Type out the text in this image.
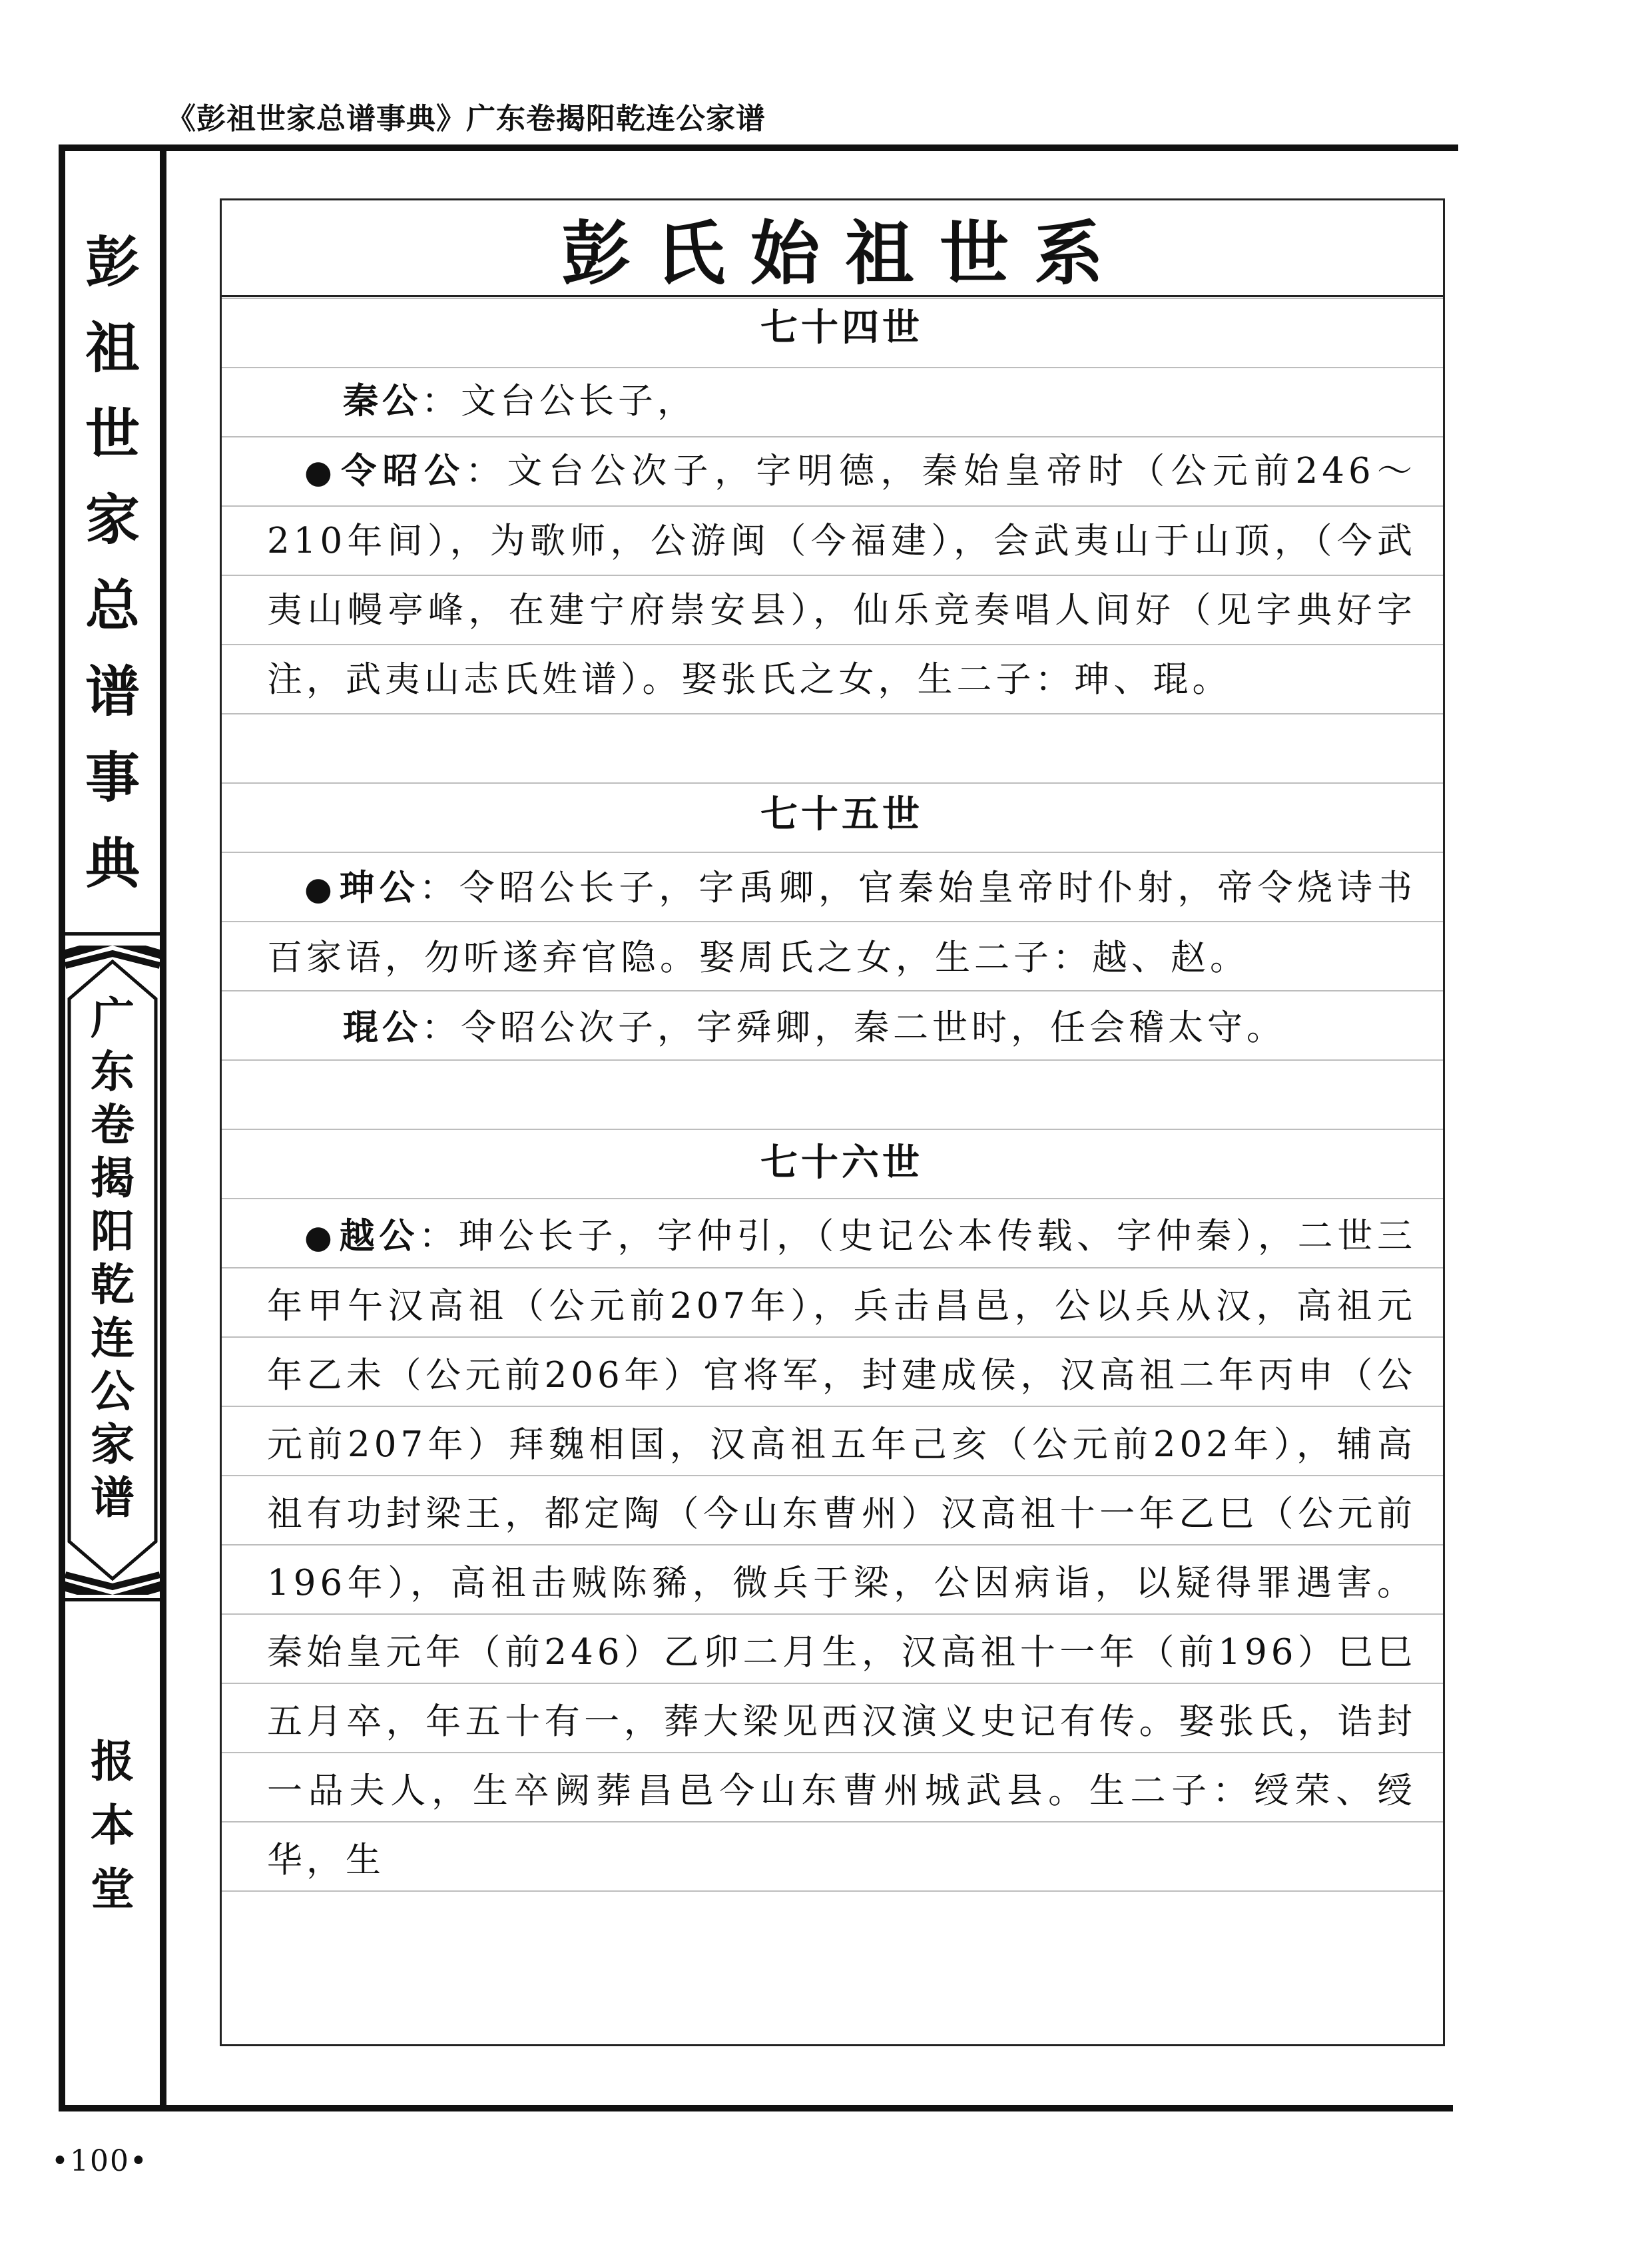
《彭祖世家总谱事典》广东卷揭阳乾连公家谱
彭
祖
世
家
总
谱
事
典
广
东
卷
揭
阳
乾
连
公
家
谱
报
本
堂
彭氏始祖世系
七十四世

秦公：文台公长子，

●令昭公：文台公次子，字明德，秦始皇帝时（公元前246～210年间），为歌师，公游闽（今福建），会武夷山于山顶，（今武夷山幔亭峰，在建宁府崇安县），仙乐竞奏唱人间好（见字典好字注，武夷山志氏姓谱）。娶张氏之女，生二子：珅、琨。

七十五世

●珅公：令昭公长子，字禹卿，官秦始皇帝时仆射，帝令烧诗书百家语，勿听遂弃官隐。娶周氏之女，生二子：越、赵。

琨公：令昭公次子，字舜卿，秦二世时，任会稽太守。

七十六世

●越公：珅公长子，字仲引，（史记公本传载、字仲秦），二世三年甲午汉高祖（公元前207年），兵击昌邑，公以兵从汉，高祖元年乙未（公元前206年）官将军，封建成侯，汉高祖二年丙申（公元前207年）拜魏相国，汉高祖五年己亥（公元前202年），辅高祖有功封梁王，都定陶（今山东曹州）汉高祖十一年乙巳（公元前196年），高祖击贼陈豨，微兵于梁，公因病诣，以疑得罪遇害。秦始皇元年（前246）乙卯二月生，汉高祖十一年（前196）巳巳五月卒，年五十有一，葬大梁见西汉演义史记有传。娶张氏，诰封一品夫人，生卒阙葬昌邑今山东曹州城武县。生二子：绶荣、绶华，生

•100•
